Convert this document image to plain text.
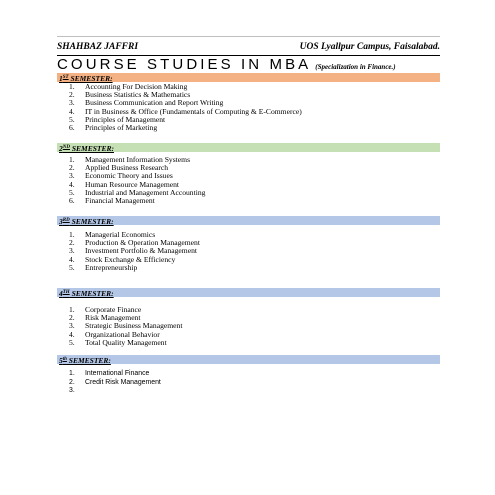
SHAHBAZ JAFFRI	UOS Lyallpur Campus, Faisalabad.
COURSE STUDIES IN MBA (Specialization in Finance.)
1ST SEMESTER:
1. Accounting For Decision Making
2. Business Statistics & Mathematics
3. Business Communication and Report Writing
4. IT in Business & Office (Fundamentals of Computing & E-Commerce)
5. Principles of Management
6. Principles of Marketing
2ND SEMESTER:
1. Management Information Systems
2. Applied Business Research
3. Economic Theory and Issues
4. Human Resource Management
5. Industrial and Management Accounting
6. Financial Management
3RD SEMESTER:
1. Managerial Economics
2. Production & Operation Management
3. Investment Portfolio & Management
4. Stock Exchange & Efficiency
5. Entrepreneurship
4TH SEMESTER:
1. Corporate Finance
2. Risk Management
3. Strategic Business Management
4. Organizational Behavior
5. Total Quality Management
5th SEMESTER:
1. International Finance
2. Credit Risk Management
3.
